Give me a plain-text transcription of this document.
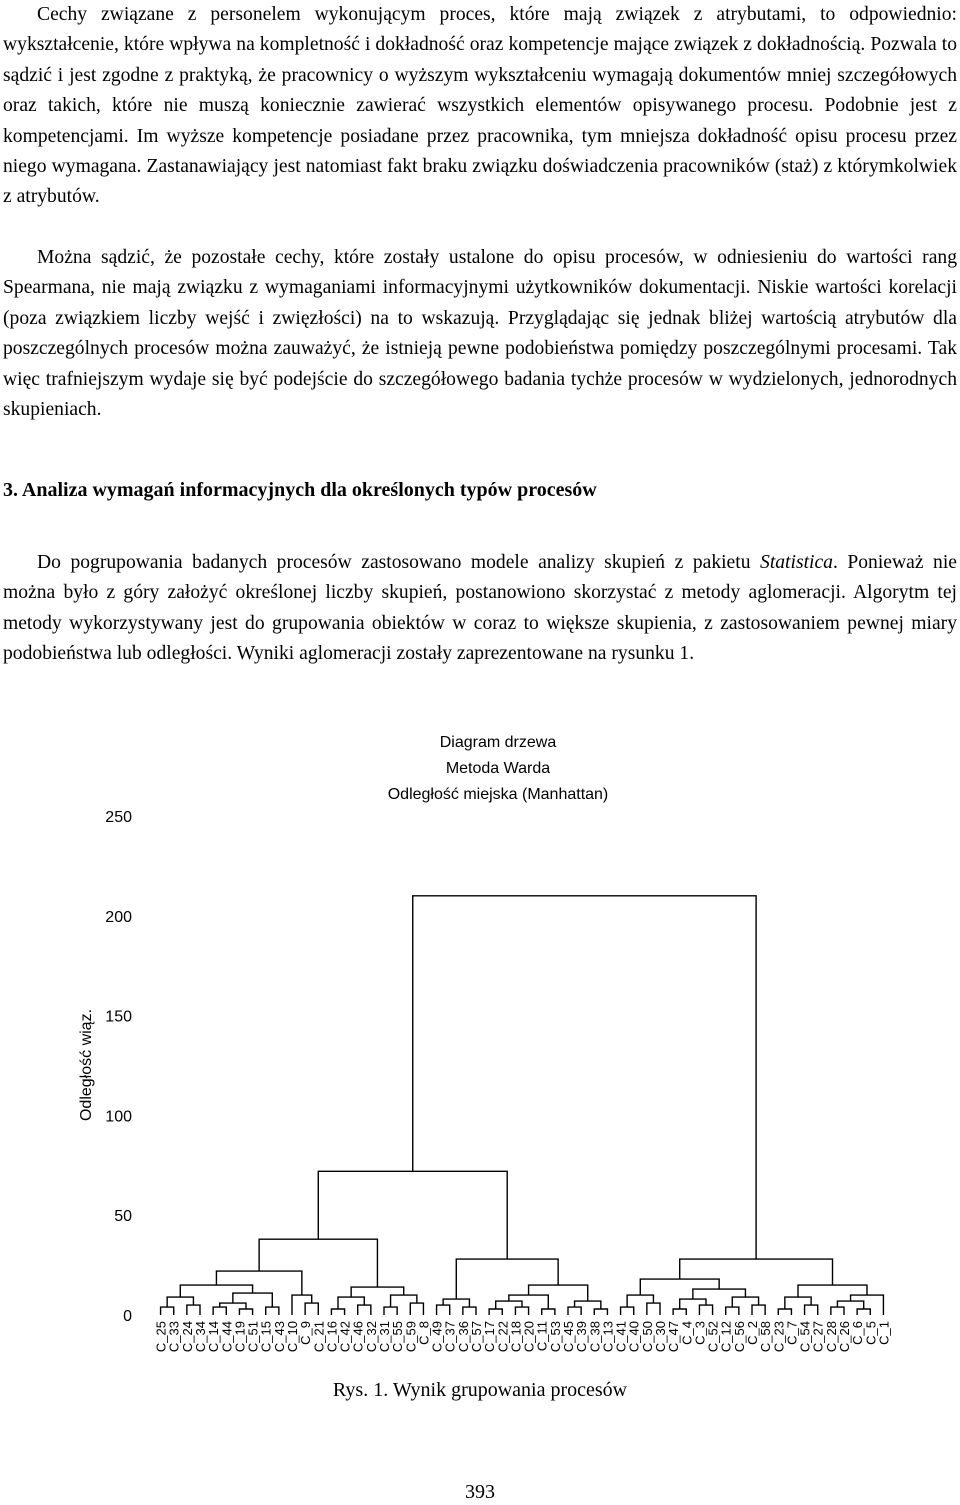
Cechy związane z personelem wykonującym proces, które mają związek z atrybutami, to odpowiednio: wykształcenie, które wpływa na kompletność i dokładność oraz kompetencje mające związek z dokładnością. Pozwala to sądzić i jest zgodne z praktyką, że pracownicy o wyższym wykształceniu wymagają dokumentów mniej szczegółowych oraz takich, które nie muszą koniecznie zawierać wszystkich elementów opisywanego procesu. Podobnie jest z kompetencjami. Im wyższe kompetencje posiadane przez pracownika, tym mniejsza dokładność opisu procesu przez niego wymagana. Zastanawiający jest natomiast fakt braku związku doświadczenia pracowników (staż) z którymkolwiek z atrybutów.

Można sądzić, że pozostałe cechy, które zostały ustalone do opisu procesów, w odniesieniu do wartości rang Spearmana, nie mają związku z wymaganiami informacyjnymi użytkowników dokumentacji. Niskie wartości korelacji (poza związkiem liczby wejść i zwięzłości) na to wskazują. Przyglądając się jednak bliżej wartością atrybutów dla poszczególnych procesów można zauważyć, że istnieją pewne podobieństwa pomiędzy poszczególnymi procesami. Tak więc trafniejszym wydaje się być podejście do szczegółowego badania tychże procesów w wydzielonych, jednorodnych skupieniach.

3. Analiza wymagań informacyjnych dla określonych typów procesów

Do pogrupowania badanych procesów zastosowano modele analizy skupień z pakietu Statistica. Ponieważ nie można było z góry założyć określonej liczby skupień, postanowiono skorzystać z metody aglomeracji. Algorytm tej metody wykorzystywany jest do grupowania obiektów w coraz to większe skupienia, z zastosowaniem pewnej miary podobieństwa lub odległości. Wyniki aglomeracji zostały zaprezentowane na rysunku 1.

Diagram drzewa
Metoda Warda
Odległość miejska (Manhattan)
Odległość wiąz.
0
50
100
150
200
250
C_25
C_33
C_24
C_34
C_14
C_44
C_19
C_51
C_15
C_43
C_10
C_9
C_21
C_16
C_42
C_46
C_32
C_31
C_55
C_59
C_8
C_49
C_37
C_36
C_57
C_17
C_22
C_18
C_20
C_11
C_53
C_45
C_39
C_38
C_13
C_41
C_40
C_50
C_30
C_47
C_4
C_3
C_52
C_12
C_56
C_2
C_58
C_23
C_7
C_54
C_27
C_28
C_26
C_6
C_5
C_1
Rys. 1. Wynik grupowania procesów
393
